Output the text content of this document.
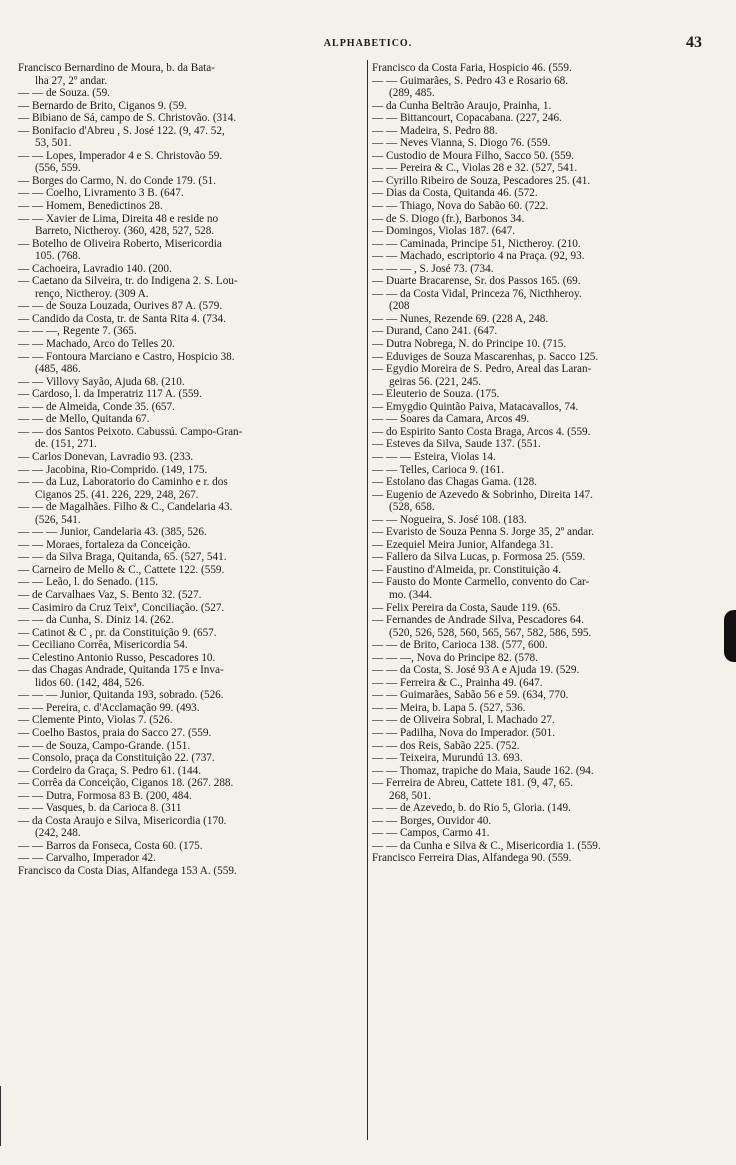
ALPHABETICO.	43
Francisco Bernardino de Moura, b. da Bata-
lha 27, 2º andar.
— — de Souza. (59.
— Bernardo de Brito, Ciganos 9. (59.
— Bibiano de Sá, campo de S. Christovão. (314.
— Bonifacio d'Abreu , S. José 122. (9, 47. 52,
53, 501.
— — Lopes, Imperador 4 e S. Christovão 59.
(556, 559.
— Borges do Carmo, N. do Conde 179. (51.
— — Coelho, Livramento 3 B. (647.
— — Homem, Benedictinos 28.
— — Xavier de Lima, Direita 48 e reside no
Barreto, Nictheroy. (360, 428, 527, 528.
— Botelho de Oliveira Roberto, Misericordia
105. (768.
— Cachoeira, Lavradio 140. (200.
— Caetano da Silveira, tr. do Indigena 2. S. Lou-
renço, Nictheroy. (309 A.
— — de Souza Louzada, Ourives 87 A. (579.
— Candido da Costa, tr. de Santa Rita 4. (734.
— — —, Regente 7. (365.
— — Machado, Arco do Telles 20.
— — Fontoura Marciano e Castro, Hospicio 38.
(485, 486.
— — Villovy Sayão, Ajuda 68. (210.
— Cardoso, l. da Imperatriz 117 A. (559.
— — de Almeida, Conde 35. (657.
— — de Mello, Quitanda 67.
— — dos Santos Peixoto. Cabussú. Campo-Gran-
de. (151, 271.
— Carlos Donevan, Lavradio 93. (233.
— — Jacobina, Rio-Comprido. (149, 175.
— — da Luz, Laboratorio do Caminho e r. dos
Ciganos 25. (41. 226, 229, 248, 267.
— — de Magalhães. Filho & C., Candelaria 43.
(526, 541.
— — — Junior, Candelaria 43. (385, 526.
— — Moraes, fortaleza da Conceição.
— — da Silva Braga, Quitanda, 65. (527, 541.
— Carneiro de Mello & C., Cattete 122. (559.
— — Leão, l. do Senado. (115.
— de Carvalhaes Vaz, S. Bento 32. (527.
— Casimiro da Cruz Teixª, Conciliação. (527.
— — da Cunha, S. Diniz 14. (262.
— Catinot & C , pr. da Constituição 9. (657.
— Ceciliano Corrêa, Misericordia 54.
— Celestino Antonio Russo, Pescadores 10.
— das Chagas Andrade, Quitanda 175 e Inva-
lidos 60. (142, 484, 526.
— — — Junior, Quitanda 193, sobrado. (526.
— — Pereira, c. d'Acclamação 99. (493.
— Clemente Pinto, Violas 7. (526.
— Coelho Bastos, praia do Sacco 27. (559.
— — de Souza, Campo-Grande. (151.
— Consolo, praça da Constituição 22. (737.
— Cordeiro da Graça, S. Pedro 61. (144.
— Corrêa da Conceição, Ciganos 18. (267. 288.
— — Dutra, Formosa 83 B. (200, 484.
— — Vasques, b. da Carioca 8. (311
— da Costa Araujo e Silva, Misericordia (170.
(242, 248.
— — Barros da Fonseca, Costa 60. (175.
— — Carvalho, Imperador 42.
Francisco da Costa Dias, Alfandega 153 A. (559.
Francisco da Costa Faria, Hospicio 46. (559.
— — Guimarães, S. Pedro 43 e Rosario 68.
(289, 485.
— da Cunha Beltrão Araujo, Prainha, 1.
— — Bittancourt, Copacabana. (227, 246.
— — Madeira, S. Pedro 88.
— — Neves Vianna, S. Diogo 76. (559.
— Custodio de Moura Filho, Sacco 50. (559.
— — Pereira & C., Violas 28 e 32. (527, 541.
— Cyrillo Ribeiro de Souza, Pescadores 25. (41.
— Dias da Costa, Quitanda 46. (572.
— — Thiago, Nova do Sabão 60. (722.
— de S. Diogo (fr.), Barbonos 34.
— Domingos, Violas 187. (647.
— — Caminada, Principe 51, Nictheroy. (210.
— — Machado, escriptorio 4 na Praça. (92, 93.
— — — , S. José 73. (734.
— Duarte Bracarense, Sr. dos Passos 165. (69.
— — da Costa Vidal, Princeza 76, Nicthheroy.
(208
— — Nunes, Rezende 69. (228 A, 248.
— Durand, Cano 241. (647.
— Dutra Nobrega, N. do Principe 10. (715.
— Eduviges de Souza Mascarenhas, p. Sacco 125.
— Egydio Moreira de S. Pedro, Areal das Laran-
geiras 56. (221, 245.
— Eleuterio de Souza. (175.
— Emygdio Quintão Paiva, Matacavallos, 74.
— — Soares da Camara, Arcos 49.
— do Espirito Santo Costa Braga, Arcos 4. (559.
— Esteves da Silva, Saude 137. (551.
— — — Esteira, Violas 14.
— — Telles, Carioca 9. (161.
— Estolano das Chagas Gama. (128.
— Eugenio de Azevedo & Sobrinho, Direita 147.
(528, 658.
— — Nogueira, S. José 108. (183.
— Evaristo de Souza Penna S. Jorge 35, 2º andar.
— Ezequiel Meira Junior, Alfandega 31.
— Fallero da Silva Lucas, p. Formosa 25. (559.
— Faustino d'Almeida, pr. Constituição 4.
— Fausto do Monte Carmello, convento do Car-
mo. (344.
— Felix Pereira da Costa, Saude 119. (65.
— Fernandes de Andrade Silva, Pescadores 64.
(520, 526, 528, 560, 565, 567, 582, 586, 595.
— — de Brito, Carioca 138. (577, 600.
— — —, Nova do Principe 82. (578.
— — da Costa, S. José 93 A e Ajuda 19. (529.
— — Ferreira & C., Prainha 49. (647.
— — Guimarães, Sabão 56 e 59. (634, 770.
— — Meira, b. Lapa 5. (527, 536.
— — de Oliveira Sobral, l. Machado 27.
— — Padilha, Nova do Imperador. (501.
— — dos Reis, Sabão 225. (752.
— — Teixeira, Murundú 13. 693.
— — Thomaz, trapiche do Maia, Saude 162. (94.
— Ferreira de Abreu, Cattete 181. (9, 47, 65.
268, 501.
— — de Azevedo, b. do Rio 5, Gloria. (149.
— — Borges, Ouvidor 40.
— — Campos, Carmo 41.
— — da Cunha e Silva & C., Misericordia 1. (559.
Francisco Ferreira Dias, Alfandega 90. (559.
